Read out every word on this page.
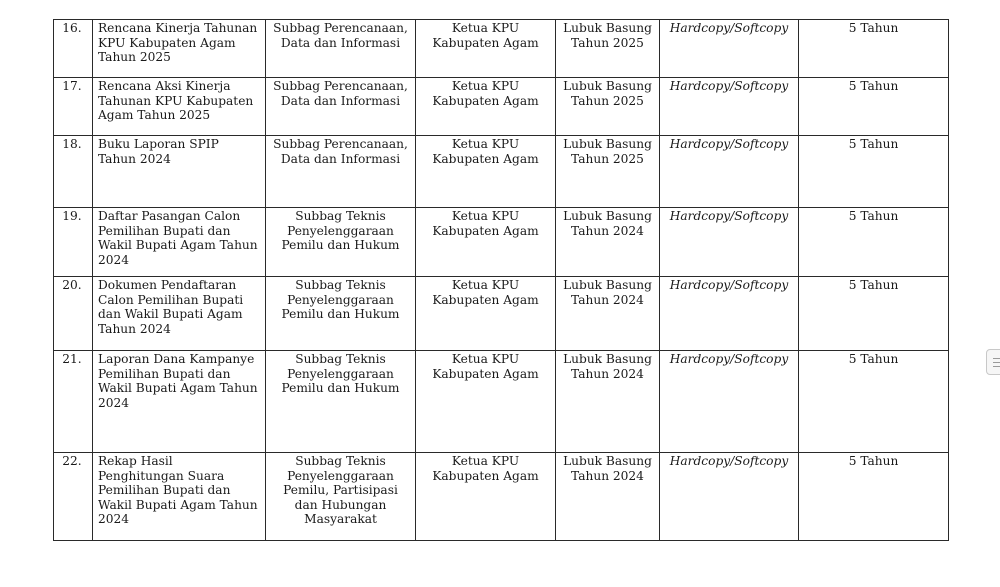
16.	Rencana Kinerja Tahunan KPU Kabupaten Agam Tahun 2025	Subbag Perencanaan, Data dan Informasi	Ketua KPU Kabupaten Agam	Lubuk Basung Tahun 2025	Hardcopy/Softcopy	5 Tahun
17.	Rencana Aksi Kinerja Tahunan KPU Kabupaten Agam Tahun 2025	Subbag Perencanaan, Data dan Informasi	Ketua KPU Kabupaten Agam	Lubuk Basung Tahun 2025	Hardcopy/Softcopy	5 Tahun
18.	Buku Laporan SPIP Tahun 2024	Subbag Perencanaan, Data dan Informasi	Ketua KPU Kabupaten Agam	Lubuk Basung Tahun 2025	Hardcopy/Softcopy	5 Tahun
19.	Daftar Pasangan Calon Pemilihan Bupati dan Wakil Bupati Agam Tahun 2024	Subbag Teknis Penyelenggaraan Pemilu dan Hukum	Ketua KPU Kabupaten Agam	Lubuk Basung Tahun 2024	Hardcopy/Softcopy	5 Tahun
20.	Dokumen Pendaftaran Calon Pemilihan Bupati dan Wakil Bupati Agam Tahun 2024	Subbag Teknis Penyelenggaraan Pemilu dan Hukum	Ketua KPU Kabupaten Agam	Lubuk Basung Tahun 2024	Hardcopy/Softcopy	5 Tahun
21.	Laporan Dana Kampanye Pemilihan Bupati dan Wakil Bupati Agam Tahun 2024	Subbag Teknis Penyelenggaraan Pemilu dan Hukum	Ketua KPU Kabupaten Agam	Lubuk Basung Tahun 2024	Hardcopy/Softcopy	5 Tahun
22.	Rekap Hasil Penghitungan Suara Pemilihan Bupati dan Wakil Bupati Agam Tahun 2024	Subbag Teknis Penyelenggaraan Pemilu, Partisipasi dan Hubungan Masyarakat	Ketua KPU Kabupaten Agam	Lubuk Basung Tahun 2024	Hardcopy/Softcopy	5 Tahun
